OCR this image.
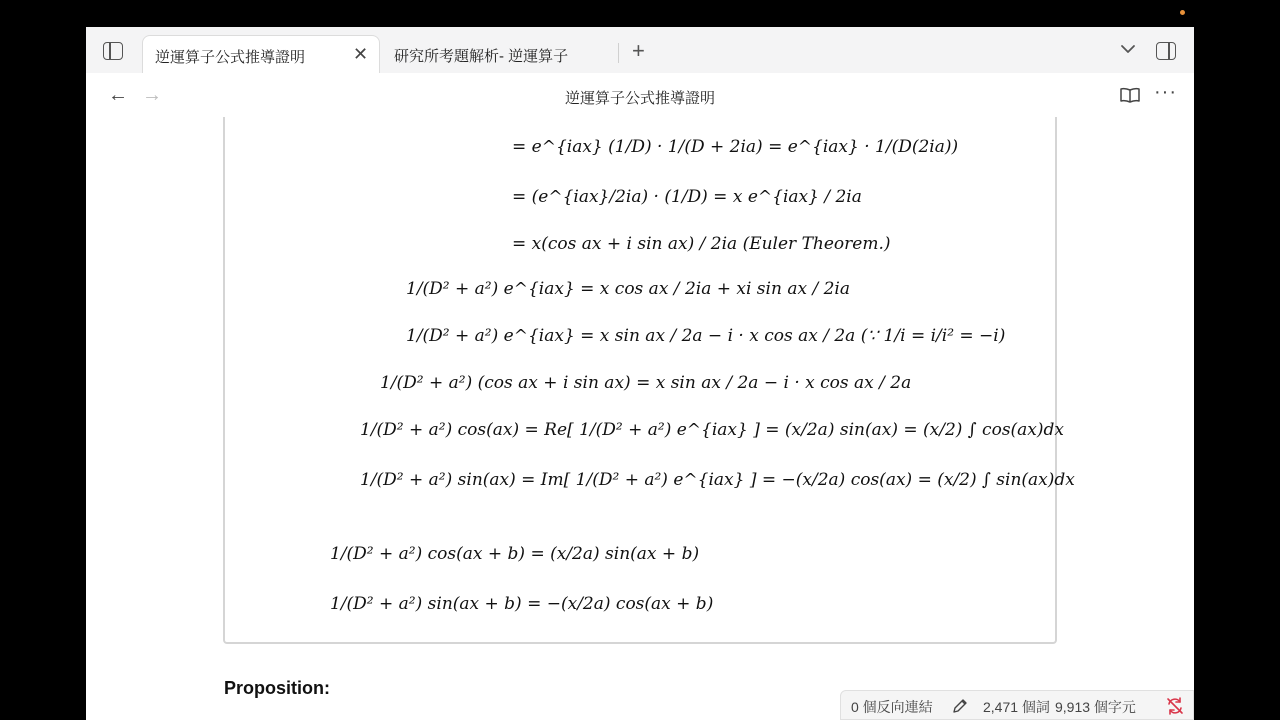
逆運算子公式推導證明	✕ 研究所考題解析- 逆運算子	+
← →	逆運算子公式推導證明	···
= e^{iax} (1/D) · 1/(D + 2ia) = e^{iax} · 1/(D(2ia))
= (e^{iax}/2ia) · (1/D) = x e^{iax} / 2ia
= x(cos ax + i sin ax) / 2ia (Euler Theorem.)
1/(D² + a²) e^{iax} = x cos ax / 2ia + xi sin ax / 2ia
1/(D² + a²) e^{iax} = x sin ax / 2a − i · x cos ax / 2a (∵ 1/i = i/i² = −i)
1/(D² + a²) (cos ax + i sin ax) = x sin ax / 2a − i · x cos ax / 2a
1/(D² + a²) cos(ax) = Re[ 1/(D² + a²) e^{iax} ] = (x/2a) sin(ax) = (x/2) ∫ cos(ax)dx
1/(D² + a²) sin(ax) = Im[ 1/(D² + a²) e^{iax} ] = −(x/2a) cos(ax) = (x/2) ∫ sin(ax)dx
1/(D² + a²) cos(ax + b) = (x/2a) sin(ax + b)
1/(D² + a²) sin(ax + b) = −(x/2a) cos(ax + b)
Proposition:
0 個反向連結	2,471 個詞 9,913 個字元
